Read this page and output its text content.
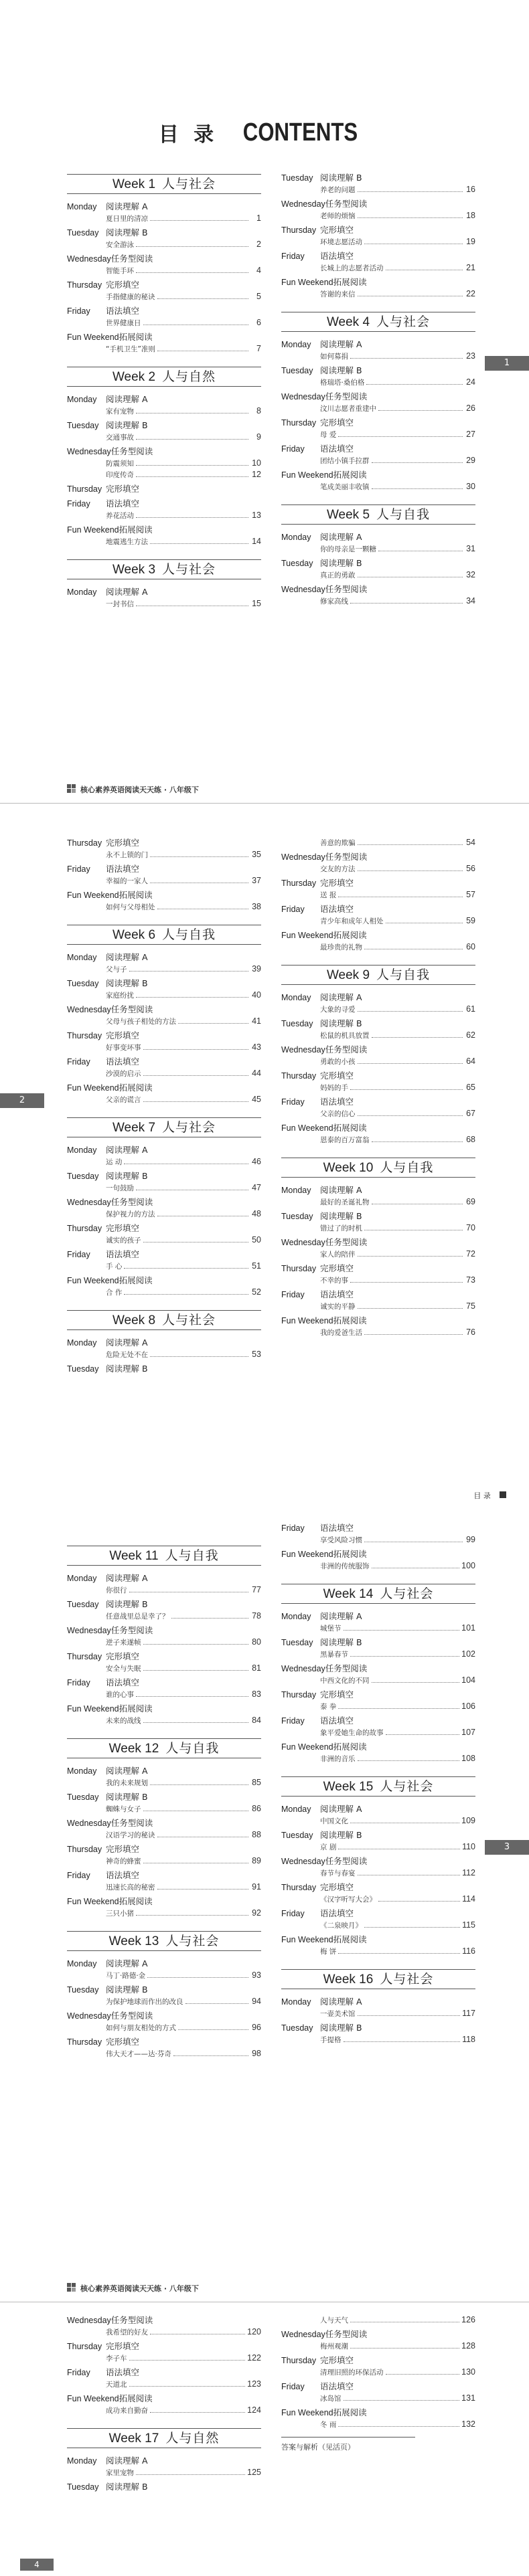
目 录 CONTENTS
Week 1 人与社会
Monday 阅读理解 A
夏日里的清凉	1
Tuesday 阅读理解 B
安全游泳	2
Wednesday任务型阅读
智能手环	4
Thursday 完形填空
手指健康的秘诀	5
Friday 语法填空
世界健康日	6
Fun Weekend拓展阅读
“手机卫生”准则	7
Week 2 人与自然
Monday 阅读理解 A
家有宠物	8
Tuesday 阅读理解 B
交通事故	9
Wednesday任务型阅读
防震须知	10
印度传奇	12
Thursday 完形填空
Friday 语法填空
养花活动	13
Fun Weekend拓展阅读
地震逃生方法	14
Week 3 人与社会
Monday 阅读理解 A
一封书信	15
Tuesday 阅读理解 B
养老的问题	16
Wednesday任务型阅读
老师的烦恼	18
Thursday 完形填空
环境志愿活动	19
Friday 语法填空
长城上的志愿者活动	21
Fun Weekend拓展阅读
答谢的来信	22
Week 4 人与社会
Monday 阅读理解 A
如何募捐	23
Tuesday 阅读理解 B
格瑞塔·桑伯格	24
Wednesday任务型阅读
汶川志愿者重建中	26
Thursday 完形填空
母 爱	27
Friday 语法填空
团结小镇手拉群	29
Fun Weekend拓展阅读
笔成美丽丰收镇	30
Week 5 人与自我
Monday 阅读理解 A
你的母亲是一颗糖	31
Tuesday 阅读理解 B
真正的勇敢	32
Wednesday任务型阅读
修家高线	34
1
核心素养英语阅读天天练 · 八年级下
Thursday 完形填空
永不上锁的门	35
Friday 语法填空
幸福的一家人	37
Fun Weekend拓展阅读
如何与父母相处	38
Week 6 人与自我
Monday 阅读理解 A
父与子	39
Tuesday 阅读理解 B
家庭纷扰	40
Wednesday任务型阅读
父母与孩子相处的方法	41
Thursday 完形填空
好事变坏事	43
Friday 语法填空
沙漠的启示	44
Fun Weekend拓展阅读
父亲的谎言	45
Week 7 人与社会
Monday 阅读理解 A
运 动	46
Tuesday 阅读理解 B
一句鼓励	47
Wednesday任务型阅读
保护视力的方法	48
Thursday 完形填空
诚实的孩子	50
Friday 语法填空
手 心	51
Fun Weekend拓展阅读
合 作	52
Week 8 人与社会
Monday 阅读理解 A
危险无处不在	53
Tuesday 阅读理解 B
善意的欺骗	54
Wednesday任务型阅读
交友的方法	56
Thursday 完形填空
送 报	57
Friday 语法填空
青少年和成年人相处	59
Fun Weekend拓展阅读
最珍贵的礼物	60
Week 9 人与自我
Monday 阅读理解 A
大象的寻爱	61
Tuesday 阅读理解 B
松鼠的机具放置	62
Wednesday任务型阅读
勇敢的小孩	64
Thursday 完形填空
妈妈的手	65
Friday 语法填空
父亲的信心	67
Fun Weekend拓展阅读
恩泰的百万富翁	68
Week 10 人与自我
Monday 阅读理解 A
最好的圣诞礼物	69
Tuesday 阅读理解 B
错过了的时机	70
Wednesday任务型阅读
家人的陪伴	72
Thursday 完形填空
不幸的事	73
Friday 语法填空
诚实的平静	75
Fun Weekend拓展阅读
我的爱爸生活	76
2
目 录
Week 11 人与自我
Monday 阅读理解 A
你很行	77
Tuesday 阅读理解 B
任意战里总是幸了？	78
Wednesday任务型阅读
逆子来遂帧	80
Thursday 完形填空
安全与失眠	81
Friday 语法填空
谁的心事	83
Fun Weekend拓展阅读
未来的战线	84
Week 12 人与自我
Monday 阅读理解 A
我的未来规划	85
Tuesday 阅读理解 B
蜘蛛与女子	86
Wednesday任务型阅读
汉语学习的秘诀	88
Thursday 完形填空
神奇的蜂蜜	89
Friday 语法填空
迅速长高的秘密	91
Fun Weekend拓展阅读
三只小猪	92
Week 13 人与社会
Monday 阅读理解 A
马丁·路德·金	93
Tuesday 阅读理解 B
为保护地球而作出的改良	94
Wednesday任务型阅读
如何与朋友相处的方式	96
Thursday 完形填空
伟大天才——达·芬奇	98
Friday 语法填空
享受风险习惯	99
Fun Weekend拓展阅读
非洲的传统服饰	100
Week 14 人与社会
Monday 阅读理解 A
城堡节	101
Tuesday 阅读理解 B
黑暴春节	102
Wednesday任务型阅读
中西文化的不同	104
Thursday 完形填空
泰 拳	106
Friday 语法填空
象平爱她生命的故事	107
Fun Weekend拓展阅读
非洲的音乐	108
Week 15 人与社会
Monday 阅读理解 A
中国文化	109
Tuesday 阅读理解 B
京 剧	110
Wednesday任务型阅读
春节与春宴	112
Thursday 完形填空
《汉字听写大会》	114
Friday 语法填空
《二泉映月》	115
Fun Weekend拓展阅读
梅 饼	116
Week 16 人与社会
Monday 阅读理解 A
一壶美术馆	117
Tuesday 阅读理解 B
手提格	118
3
核心素养英语阅读天天练 · 八年级下
Wednesday任务型阅读
我希望的好友	120
Thursday 完形填空
李子车	122
Friday 语法填空
天道北	123
Fun Weekend拓展阅读
成功来自勤奋	124
Week 17 人与自然
Monday 阅读理解 A
家里宠物	125
Tuesday 阅读理解 B
人与天气	126
Wednesday任务型阅读
梅州观潮	128
Thursday 完形填空
清理旧照的环保活动	130
Friday 语法填空
冰岛馆	131
Fun Weekend拓展阅读
冬 雨	132
答案与解析（见活页）
4
